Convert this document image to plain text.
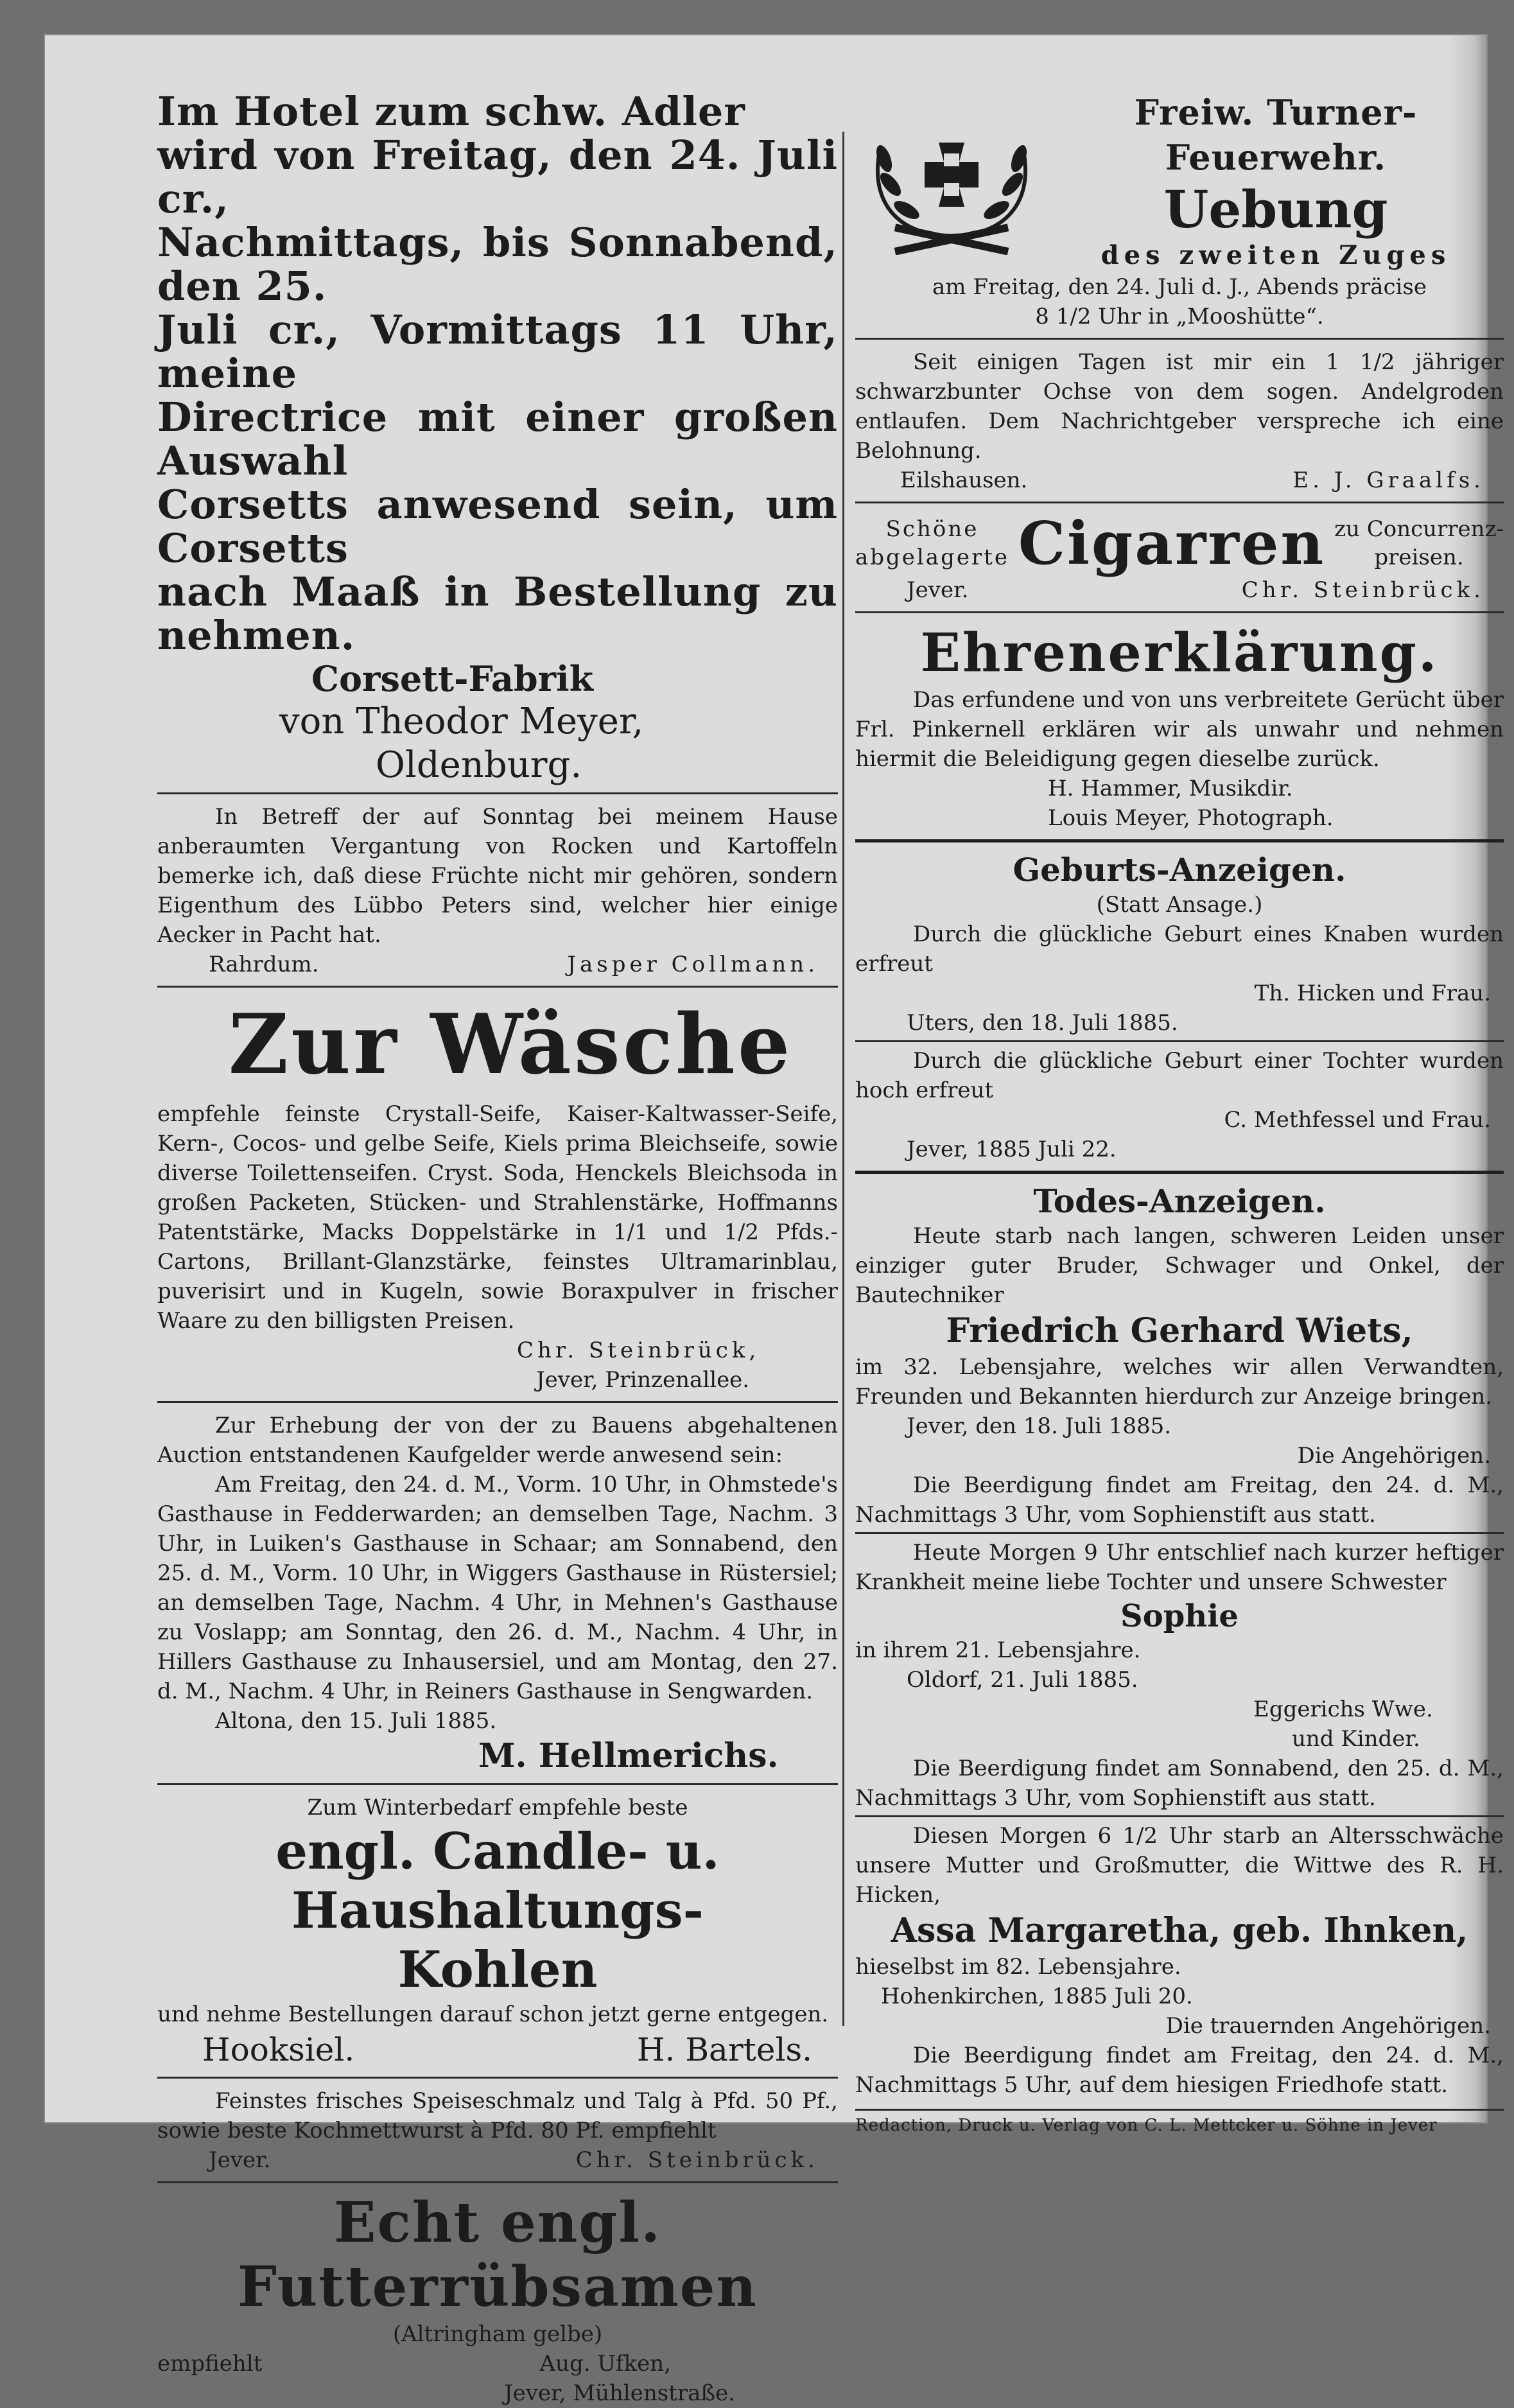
Im Hotel zum schw. Adler
wird von Freitag, den 24. Juli cr.,
Nachmittags, bis Sonnabend, den 25.
Juli cr., Vormittags 11 Uhr, meine
Directrice mit einer großen Auswahl
Corsetts anwesend sein, um Corsetts
nach Maaß in Bestellung zu nehmen.
Corsett-Fabrik
von Theodor Meyer,
Oldenburg.
In Betreff der auf Sonntag bei meinem Hause anberaumten Vergantung von Rocken und Kartoffeln bemerke ich, daß diese Früchte nicht mir gehören, sondern Eigenthum des Lübbo Peters sind, welcher hier einige Aecker in Pacht hat.
Rahrdum.	Jasper Collmann.
Zur Wäsche
empfehle feinste Crystall-Seife, Kaiser-Kaltwasser-Seife, Kern-, Cocos- und gelbe Seife, Kiels prima Bleichseife, sowie diverse Toilettenseifen. Cryst. Soda, Henckels Bleichsoda in großen Packeten, Stücken- und Strahlenstärke, Hoffmanns Patentstärke, Macks Doppelstärke in 1/1 und 1/2 Pfds.-Cartons, Brillant-Glanzstärke, feinstes Ultramarinblau, puverisirt und in Kugeln, sowie Boraxpulver in frischer Waare zu den billigsten Preisen.
Chr. Steinbrück,
Jever, Prinzenallee.
Zur Erhebung der von der zu Bauens abgehaltenen Auction entstandenen Kaufgelder werde anwesend sein:
Am Freitag, den 24. d. M., Vorm. 10 Uhr, in Ohmstede's Gasthause in Fedderwarden; an demselben Tage, Nachm. 3 Uhr, in Luiken's Gasthause in Schaar; am Sonnabend, den 25. d. M., Vorm. 10 Uhr, in Wiggers Gasthause in Rüstersiel; an demselben Tage, Nachm. 4 Uhr, in Mehnen's Gasthause zu Voslapp; am Sonntag, den 26. d. M., Nachm. 4 Uhr, in Hillers Gasthause zu Inhausersiel, und am Montag, den 27. d. M., Nachm. 4 Uhr, in Reiners Gasthause in Sengwarden.
Altona, den 15. Juli 1885.
M. Hellmerichs.
Zum Winterbedarf empfehle beste
engl. Candle- u. Haushaltungs-
Kohlen
und nehme Bestellungen darauf schon jetzt gerne entgegen.
Hooksiel.	H. Bartels.
Feinstes frisches Speiseschmalz und Talg à Pfd. 50 Pf., sowie beste Kochmettwurst à Pfd. 80 Pf. empfiehlt
Jever.	Chr. Steinbrück.
Echt engl. Futterrübsamen
(Altringham gelbe)
empfiehlt	Aug. Ufken,
Jever, Mühlenstraße.
Freiw. Turner-Feuerwehr.
Uebung
des zweiten Zuges
am Freitag, den 24. Juli d. J., Abends präcise
8 1/2 Uhr in „Mooshütte“.
Seit einigen Tagen ist mir ein 1 1/2 jähriger schwarzbunter Ochse von dem sogen. Andelgroden entlaufen. Dem Nachrichtgeber verspreche ich eine Belohnung.
Eilshausen.	E. J. Graalfs.
Schöne
abgelagerte Cigarren zu Concurrenz-
preisen.
Jever.	Chr. Steinbrück.
Ehrenerklärung.
Das erfundene und von uns verbreitete Gerücht über Frl. Pinkernell erklären wir als unwahr und nehmen hiermit die Beleidigung gegen dieselbe zurück.
H. Hammer, Musikdir.
Louis Meyer, Photograph.
Geburts-Anzeigen.
(Statt Ansage.)
Durch die glückliche Geburt eines Knaben wurden erfreut
Th. Hicken und Frau.
Uters, den 18. Juli 1885.
Durch die glückliche Geburt einer Tochter wurden hoch erfreut
C. Methfessel und Frau.
Jever, 1885 Juli 22.
Todes-Anzeigen.
Heute starb nach langen, schweren Leiden unser einziger guter Bruder, Schwager und Onkel, der Bautechniker
Friedrich Gerhard Wiets,
im 32. Lebensjahre, welches wir allen Verwandten, Freunden und Bekannten hierdurch zur Anzeige bringen.
Jever, den 18. Juli 1885.
Die Angehörigen.
Die Beerdigung findet am Freitag, den 24. d. M., Nachmittags 3 Uhr, vom Sophienstift aus statt.
Heute Morgen 9 Uhr entschlief nach kurzer heftiger Krankheit meine liebe Tochter und unsere Schwester
Sophie
in ihrem 21. Lebensjahre.
Oldorf, 21. Juli 1885.
Eggerichs Wwe.
und Kinder.
Die Beerdigung findet am Sonnabend, den 25. d. M., Nachmittags 3 Uhr, vom Sophienstift aus statt.
Diesen Morgen 6 1/2 Uhr starb an Altersschwäche unsere Mutter und Großmutter, die Wittwe des R. H. Hicken,
Assa Margaretha, geb. Ihnken,
hieselbst im 82. Lebensjahre.
Hohenkirchen, 1885 Juli 20.
Die trauernden Angehörigen.
Die Beerdigung findet am Freitag, den 24. d. M., Nachmittags 5 Uhr, auf dem hiesigen Friedhofe statt.
Redaction, Druck u. Verlag von C. L. Mettcker u. Söhne in Jever
